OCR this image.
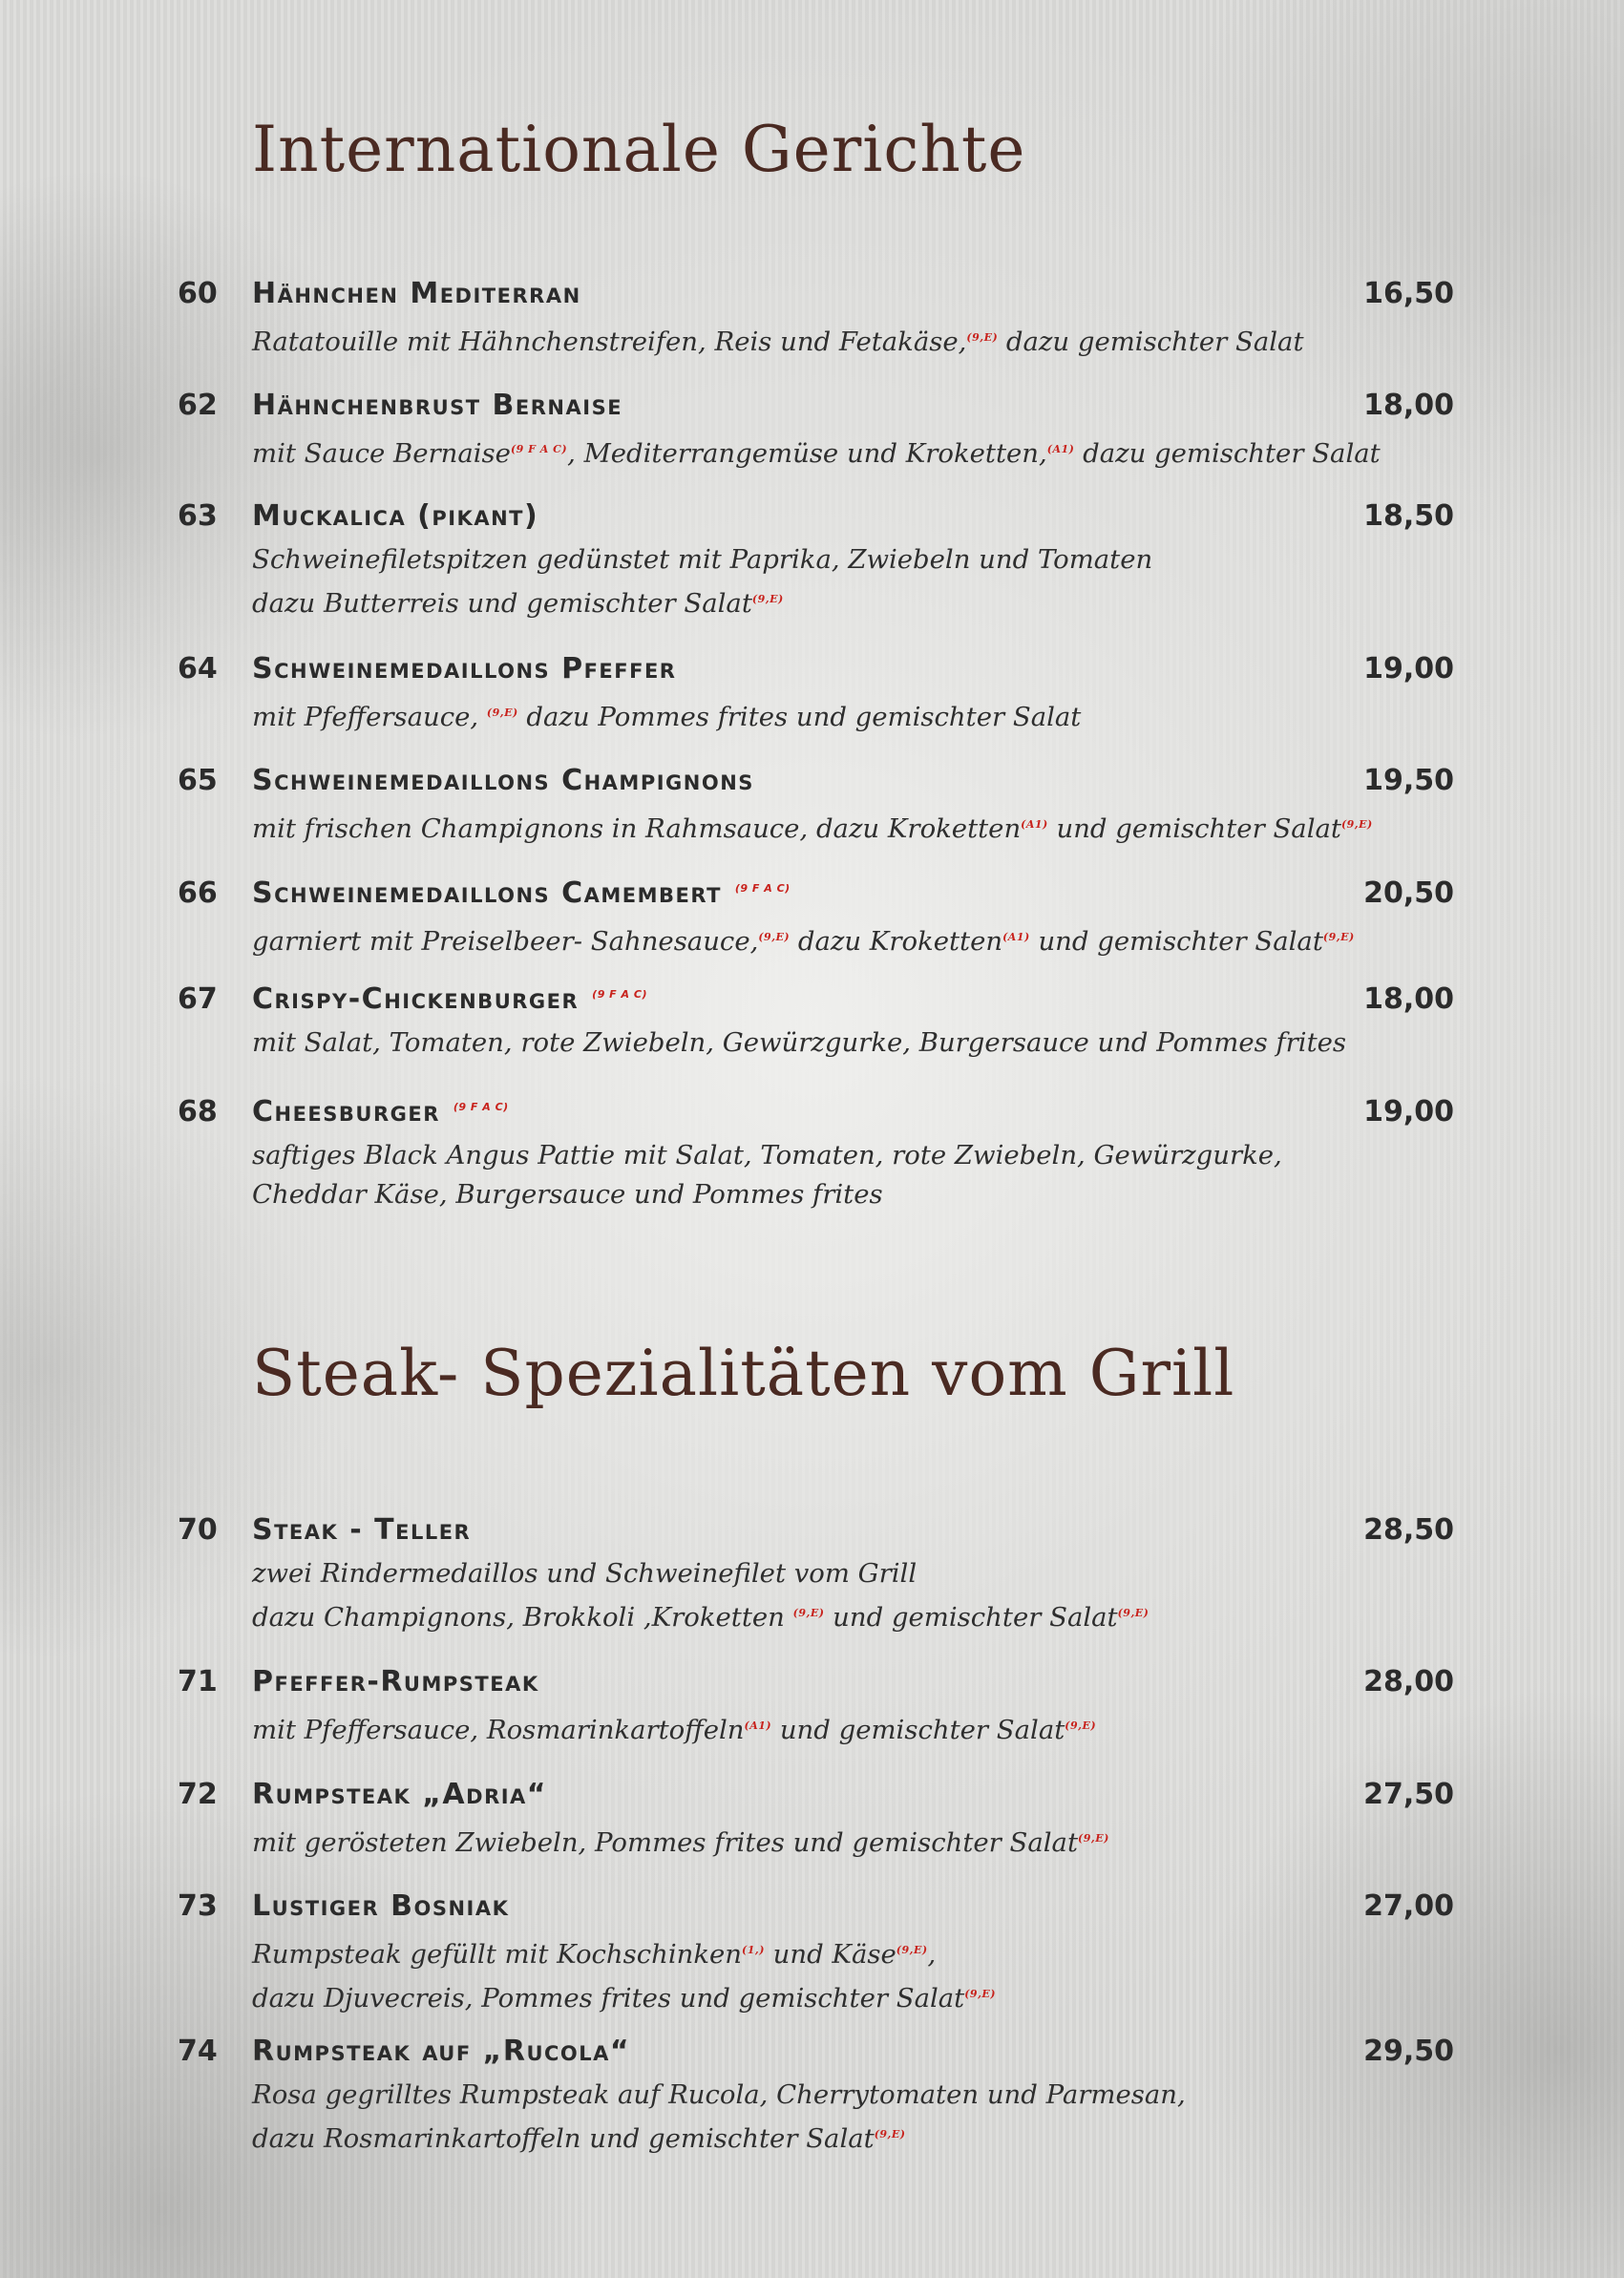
Internationale Gerichte
Steak- Spezialitäten vom Grill
60 Hähnchen Mediterran	16,50
Ratatouille mit Hähnchenstreifen, Reis und Fetakäse,$^{(9,E)}$ dazu gemischter Salat
62 Hähnchenbrust Bernaise	18,00
mit Sauce Bernaise$^{(9 F A C)}$, Mediterrangemüse und Kroketten,$^{(A1)}$ dazu gemischter Salat
63 Muckalica (pikant)	18,50
Schweinefiletspitzen gedünstet mit Paprika, Zwiebeln und Tomaten
dazu Butterreis und gemischter Salat$^{(9,E)}$
64 Schweinemedaillons Pfeffer	19,00
mit Pfeffersauce, $^{(9,E)}$ dazu Pommes frites und gemischter Salat
65 Schweinemedaillons Champignons	19,50
mit frischen Champignons in Rahmsauce, dazu Kroketten$^{(A1)}$ und gemischter Salat$^{(9,E)}$
66 Schweinemedaillons Camembert $^{(9 F A C)}$	20,50
garniert mit Preiselbeer- Sahnesauce,$^{(9,E)}$ dazu Kroketten$^{(A1)}$ und gemischter Salat$^{(9,E)}$
67 Crispy-Chickenburger $^{(9 F A C)}$	18,00
mit Salat, Tomaten, rote Zwiebeln, Gewürzgurke, Burgersauce und Pommes frites
68 Cheesburger $^{(9 F A C)}$	19,00
saftiges Black Angus Pattie mit Salat, Tomaten, rote Zwiebeln, Gewürzgurke,
Cheddar Käse, Burgersauce und Pommes frites
70 Steak - Teller	28,50
zwei Rindermedaillos und Schweinefilet vom Grill
dazu Champignons, Brokkoli ,Kroketten $^{(9,E)}$ und gemischter Salat$^{(9,E)}$
71 Pfeffer-Rumpsteak	28,00
mit Pfeffersauce, Rosmarinkartoffeln$^{(A1)}$ und gemischter Salat$^{(9,E)}$
72 Rumpsteak „Adria“	27,50
mit gerösteten Zwiebeln, Pommes frites und gemischter Salat$^{(9,E)}$
73 Lustiger Bosniak	27,00
Rumpsteak gefüllt mit Kochschinken$^{(1,)}$ und Käse$^{(9,E)}$,
dazu Djuvecreis, Pommes frites und gemischter Salat$^{(9,E)}$
74 Rumpsteak auf „Rucola“	29,50
Rosa gegrilltes Rumpsteak auf Rucola, Cherrytomaten und Parmesan,
dazu Rosmarinkartoffeln und gemischter Salat$^{(9,E)}$
